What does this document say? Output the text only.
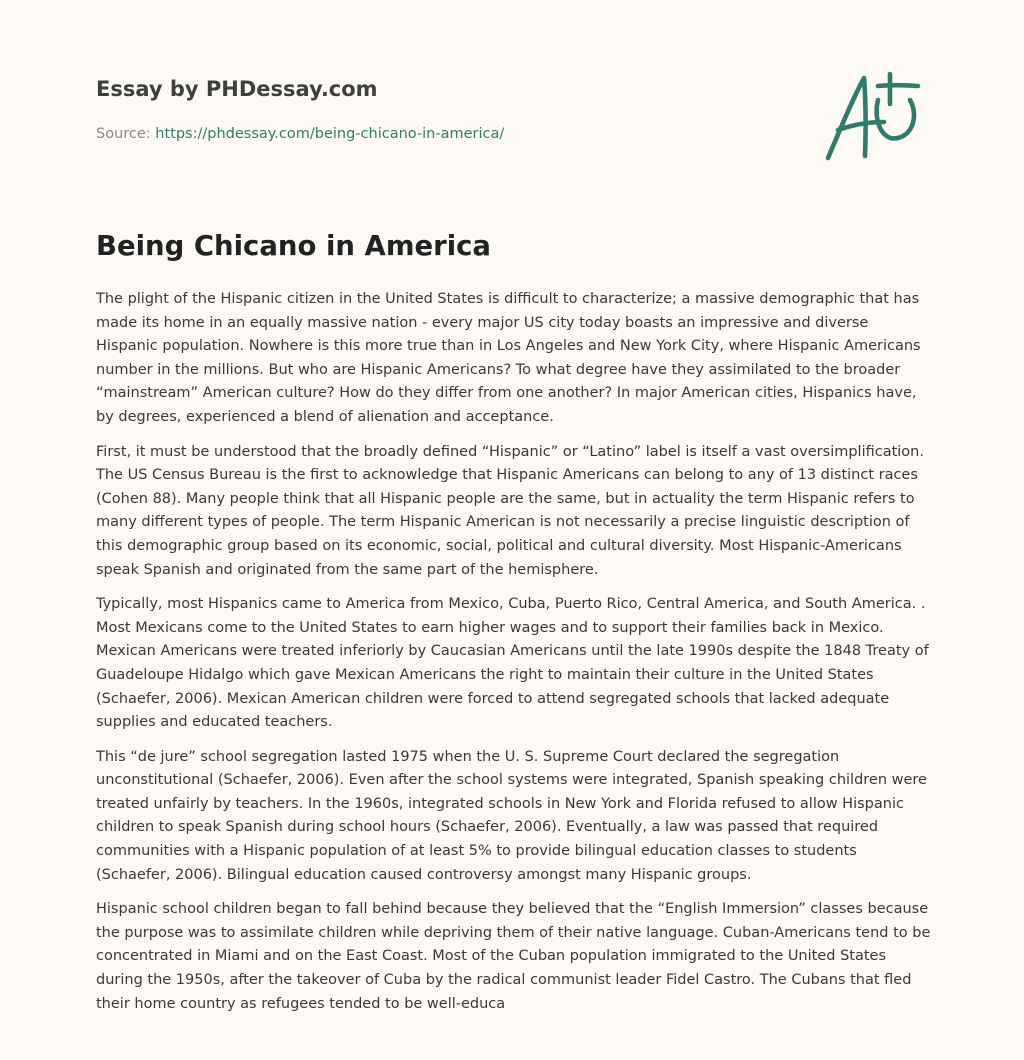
Essay by PHDessay.com
Source: https://phdessay.com/being-chicano-in-america/
Being Chicano in America

The plight of the Hispanic citizen in the United States is difficult to characterize; a massive demographic that has made its home in an equally massive nation - every major US city today boasts an impressive and diverse Hispanic population. Nowhere is this more true than in Los Angeles and New York City, where Hispanic Americans number in the millions. But who are Hispanic Americans? To what degree have they assimilated to the broader “mainstream” American culture? How do they differ from one another? In major American cities, Hispanics have, by degrees, experienced a blend of alienation and acceptance.

First, it must be understood that the broadly defined “Hispanic” or “Latino” label is itself a vast oversimplification. The US Census Bureau is the first to acknowledge that Hispanic Americans can belong to any of 13 distinct races (Cohen 88). Many people think that all Hispanic people are the same, but in actuality the term Hispanic refers to many different types of people. The term Hispanic American is not necessarily a precise linguistic description of this demographic group based on its economic, social, political and cultural diversity. Most Hispanic-Americans speak Spanish and originated from the same part of the hemisphere.

Typically, most Hispanics came to America from Mexico, Cuba, Puerto Rico, Central America, and South America. . Most Mexicans come to the United States to earn higher wages and to support their families back in Mexico. Mexican Americans were treated inferiorly by Caucasian Americans until the late 1990s despite the 1848 Treaty of Guadeloupe Hidalgo which gave Mexican Americans the right to maintain their culture in the United States (Schaefer, 2006). Mexican American children were forced to attend segregated schools that lacked adequate supplies and educated teachers.

This “de jure” school segregation lasted 1975 when the U. S. Supreme Court declared the segregation unconstitutional (Schaefer, 2006). Even after the school systems were integrated, Spanish speaking children were treated unfairly by teachers. In the 1960s, integrated schools in New York and Florida refused to allow Hispanic children to speak Spanish during school hours (Schaefer, 2006). Eventually, a law was passed that required communities with a Hispanic population of at least 5% to provide bilingual education classes to students (Schaefer, 2006). Bilingual education caused controversy amongst many Hispanic groups.

Hispanic school children began to fall behind because they believed that the “English Immersion” classes because the purpose was to assimilate children while depriving them of their native language. Cuban-Americans tend to be concentrated in Miami and on the East Coast. Most of the Cuban population immigrated to the United States during the 1950s, after the takeover of Cuba by the radical communist leader Fidel Castro. The Cubans that fled their home country as refugees tended to be well-educa
